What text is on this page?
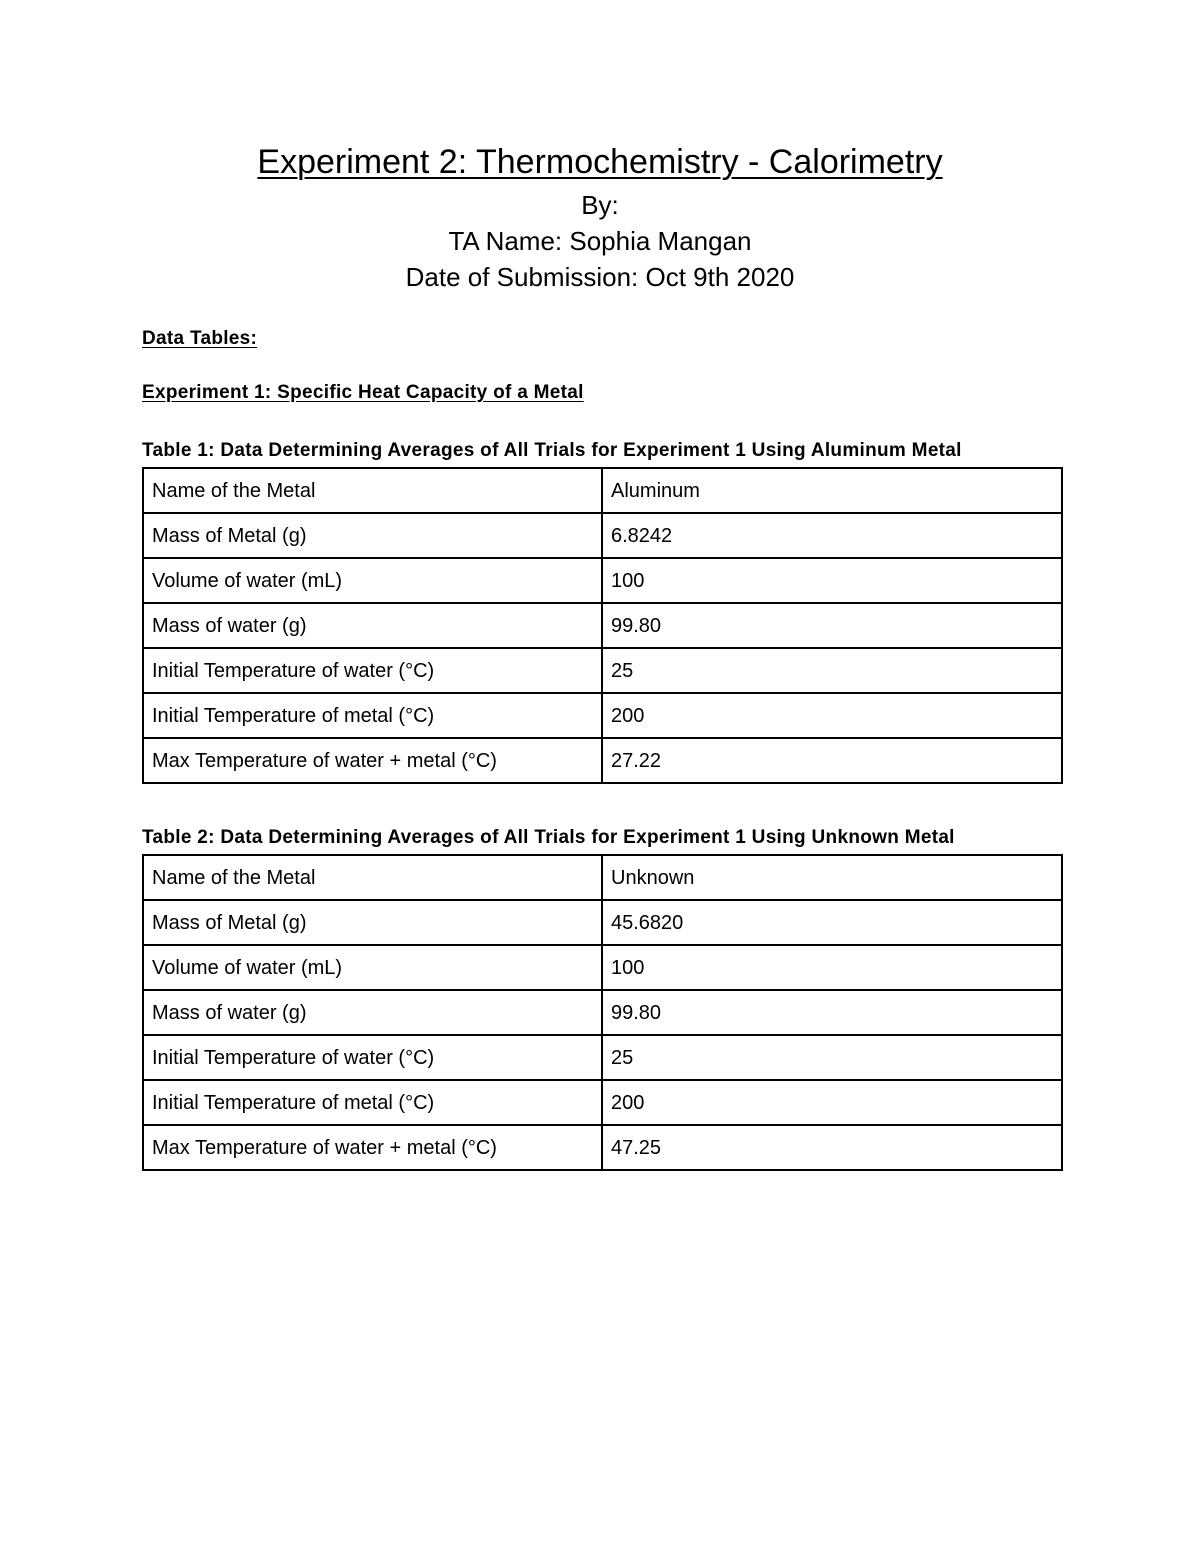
Experiment 2: Thermochemistry - Calorimetry
By:
TA Name: Sophia Mangan
Date of Submission: Oct 9th 2020
Data Tables:
Experiment 1: Specific Heat Capacity of a Metal
Table 1: Data Determining Averages of All Trials for Experiment 1 Using Aluminum Metal
Name of the Metal	Aluminum
Mass of Metal (g)	6.8242
Volume of water (mL)	100
Mass of water (g)	99.80
Initial Temperature of water (°C)	25
Initial Temperature of metal (°C)	200
Max Temperature of water + metal (°C)	27.22
Table 2: Data Determining Averages of All Trials for Experiment 1 Using Unknown Metal
Name of the Metal	Unknown
Mass of Metal (g)	45.6820
Volume of water (mL)	100
Mass of water (g)	99.80
Initial Temperature of water (°C)	25
Initial Temperature of metal (°C)	200
Max Temperature of water + metal (°C)	47.25
